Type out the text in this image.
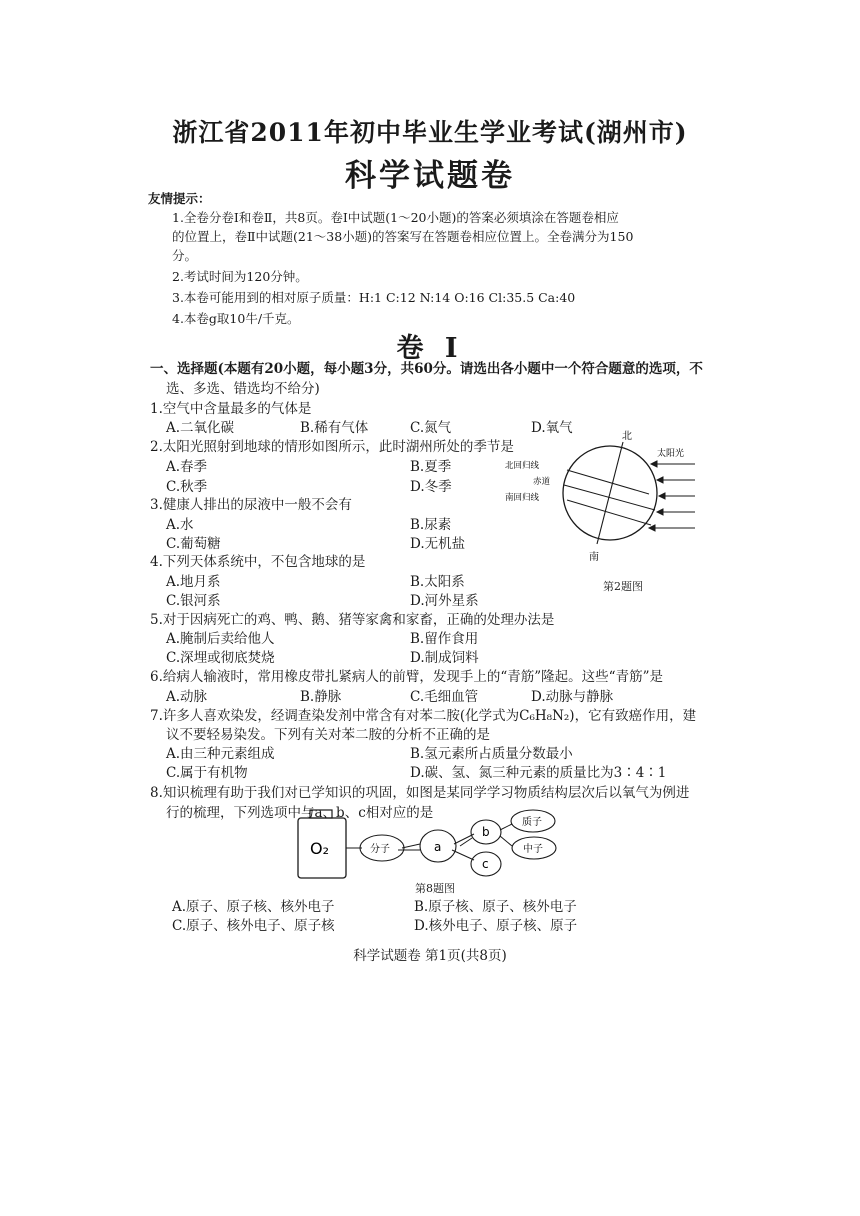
浙江省2011年初中毕业生学业考试(湖州市)
科学试题卷
友情提示：
1.全卷分卷Ⅰ和卷Ⅱ，共8页。卷Ⅰ中试题(1～20小题)的答案必须填涂在答题卷相应
的位置上，卷Ⅱ中试题(21～38小题)的答案写在答题卷相应位置上。全卷满分为150
分。
2.考试时间为120分钟。
3.本卷可能用到的相对原子质量：H:1 C:12 N:14 O:16 Cl:35.5 Ca:40
4.本卷g取10牛/千克。
卷 Ⅰ
一、选择题(本题有20小题，每小题3分，共60分。请选出各小题中一个符合题意的选项，不
选、多选、错选均不给分)
1.空气中含量最多的气体是
A.二氧化碳	B.稀有气体	C.氮气	D.氧气
2.太阳光照射到地球的情形如图所示，此时湖州所处的季节是
A.春季	B.夏季
C.秋季	D.冬季
3.健康人排出的尿液中一般不会有
A.水	B.尿素
C.葡萄糖	D.无机盐
4.下列天体系统中，不包含地球的是
A.地月系	B.太阳系
C.银河系	D.河外星系
5.对于因病死亡的鸡、鸭、鹅、猪等家禽和家畜，正确的处理办法是
A.腌制后卖给他人	B.留作食用
C.深埋或彻底焚烧	D.制成饲料
6.给病人输液时，常用橡皮带扎紧病人的前臂，发现手上的“青筋”隆起。这些“青筋”是
A.动脉	B.静脉	C.毛细血管	D.动脉与静脉
7.许多人喜欢染发，经调查染发剂中常含有对苯二胺(化学式为C₆H₈N₂)，它有致癌作用，建
议不要轻易染发。下列有关对苯二胺的分析不正确的是
A.由三种元素组成	B.氢元素所占质量分数最小
C.属于有机物	D.碳、氢、氮三种元素的质量比为3∶4∶1
8.知识梳理有助于我们对已学知识的巩固，如图是某同学学习物质结构层次后以氧气为例进
行的梳理，下列选项中与a、b、c相对应的是
北
南
太阳光
北回归线
赤道
南回归线
第2题图
O₂	分子	a
b
c
质子
中子
第8题图
A.原子、原子核、核外电子	B.原子核、原子、核外电子
C.原子、核外电子、原子核	D.核外电子、原子核、原子
科学试题卷 第1页(共8页)
